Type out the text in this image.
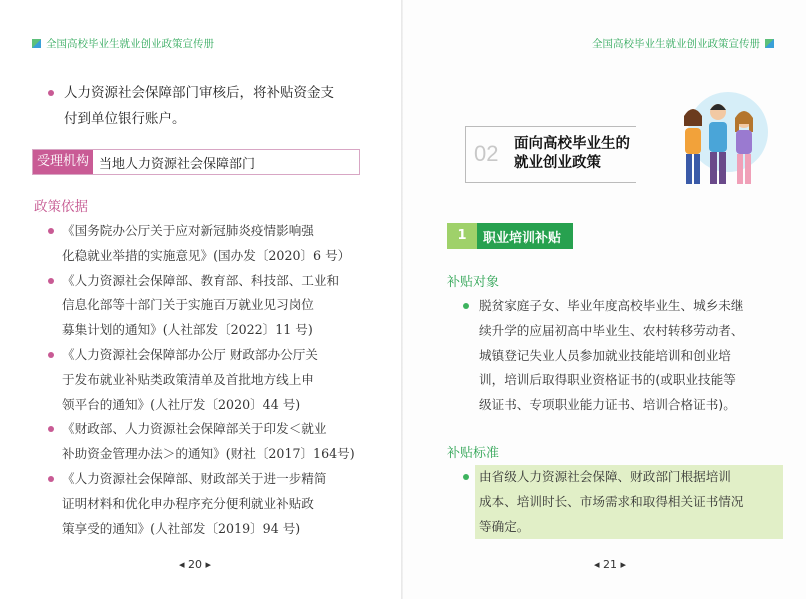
全国高校毕业生就业创业政策宣传册
人力资源社会保障部门审核后，将补贴资金支
付到单位银行账户。
受理机构 当地人力资源社会保障部门
政策依据
《国务院办公厅关于应对新冠肺炎疫情影响强
化稳就业举措的实施意见》(国办发〔2020〕6 号）
《人力资源社会保障部、教育部、科技部、工业和
信息化部等十部门关于实施百万就业见习岗位
募集计划的通知》(人社部发〔2022〕11 号)
《人力资源社会保障部办公厅 财政部办公厅关
于发布就业补贴类政策清单及首批地方线上申
领平台的通知》(人社厅发〔2020〕44 号)
《财政部、人力资源社会保障部关于印发＜就业
补助资金管理办法＞的通知》(财社〔2017〕164号)
《人力资源社会保障部、财政部关于进一步精简
证明材料和优化申办程序充分便利就业补贴政
策享受的通知》(人社部发〔2019〕94 号)
◂ 20 ▸
全国高校毕业生就业创业政策宣传册
02 面向高校毕业生的
就业创业政策
1	职业培训补贴
补贴对象
脱贫家庭子女、毕业年度高校毕业生、城乡未继
续升学的应届初高中毕业生、农村转移劳动者、
城镇登记失业人员参加就业技能培训和创业培
训，培训后取得职业资格证书的(或职业技能等
级证书、专项职业能力证书、培训合格证书)。
补贴标准
由省级人力资源社会保障、财政部门根据培训
成本、培训时长、市场需求和取得相关证书情况
等确定。
◂ 21 ▸
